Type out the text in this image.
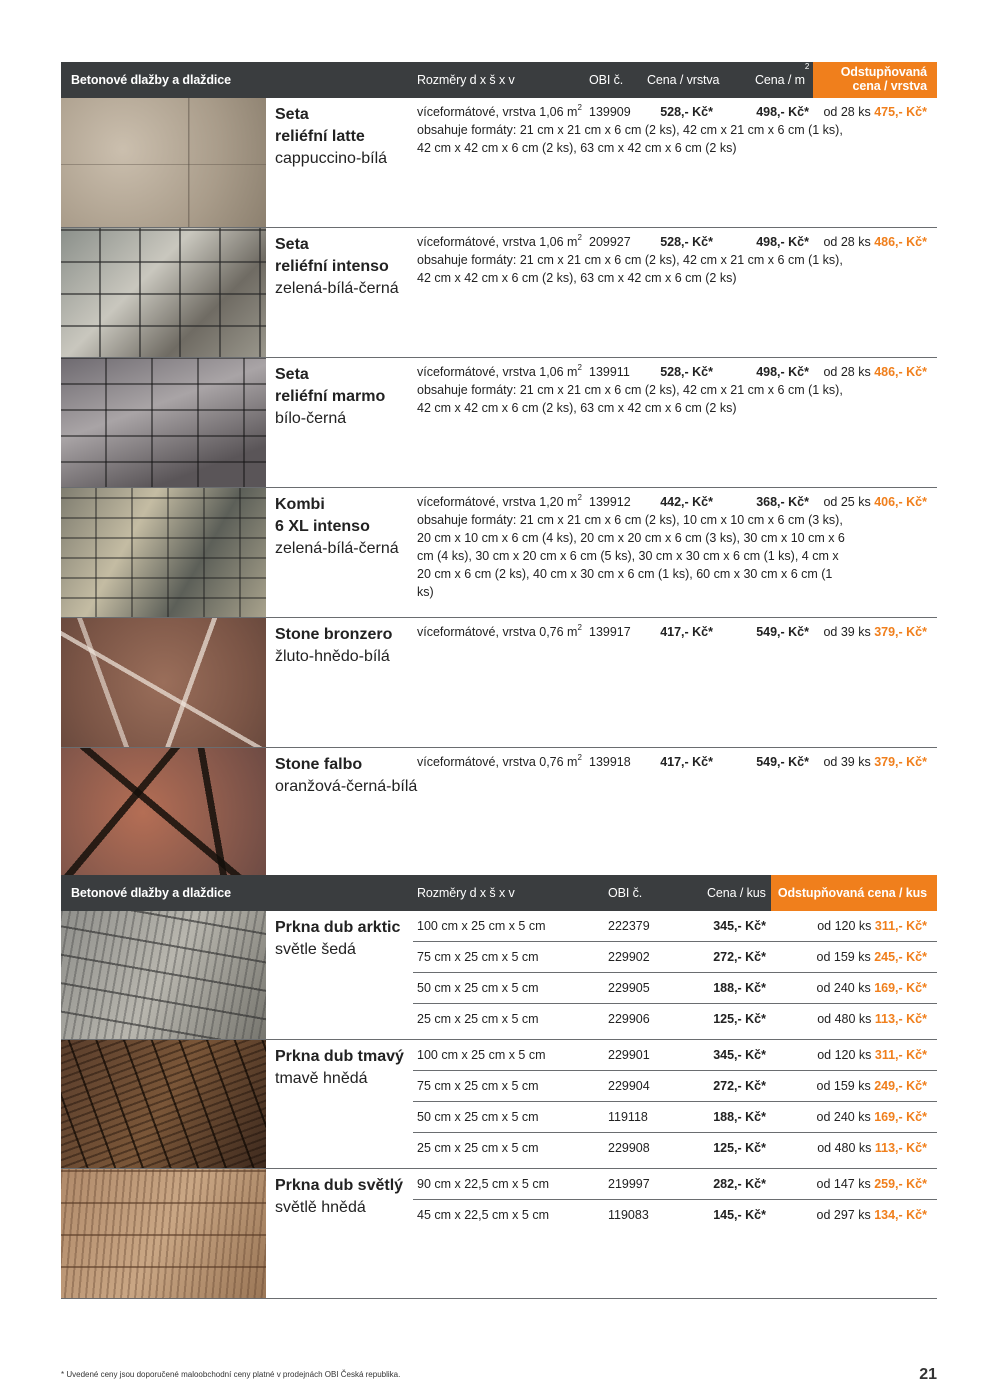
Betonové dlažby a dlaždice	Rozměry d x š x v	OBI č. Cena / vrstva	Cena / $m^2$	Odstupňovaná
cena / vrstva
Seta
reliéfní latte
cappuccino-bílá
víceformátové, vrstva 1,06 $m^2$
obsahuje formáty: 21 cm x 21 cm x 6 cm (2 ks), 42 cm x 21 cm x 6 cm (1 ks), 42 cm x 42 cm x 6 cm (2 ks), 63 cm x 42 cm x 6 cm (2 ks)
139909 528,- Kč*	498,- Kč* od 28 ks 475,- Kč*
Seta
reliéfní intenso
zelená-bílá-černá
víceformátové, vrstva 1,06 $m^2$
obsahuje formáty: 21 cm x 21 cm x 6 cm (2 ks), 42 cm x 21 cm x 6 cm (1 ks), 42 cm x 42 cm x 6 cm (2 ks), 63 cm x 42 cm x 6 cm (2 ks)
209927 528,- Kč*	498,- Kč* od 28 ks 486,- Kč*
Seta
reliéfní marmo
bílo-černá
víceformátové, vrstva 1,06 $m^2$
obsahuje formáty: 21 cm x 21 cm x 6 cm (2 ks), 42 cm x 21 cm x 6 cm (1 ks), 42 cm x 42 cm x 6 cm (2 ks), 63 cm x 42 cm x 6 cm (2 ks)
139911 528,- Kč*	498,- Kč* od 28 ks 486,- Kč*
Kombi
6 XL intenso
zelená-bílá-černá
víceformátové, vrstva 1,20 $m^2$
obsahuje formáty: 21 cm x 21 cm x 6 cm (2 ks), 10 cm x 10 cm x 6 cm (3 ks), 20 cm x 10 cm x 6 cm (4 ks), 20 cm x 20 cm x 6 cm (3 ks), 30 cm x 10 cm x 6 cm (4 ks), 30 cm x 20 cm x 6 cm (5 ks), 30 cm x 30 cm x 6 cm (1 ks), 4 cm x 20 cm x 6 cm (2 ks), 40 cm x 30 cm x 6 cm (1 ks), 60 cm x 30 cm x 6 cm (1 ks)
139912 442,- Kč*	368,- Kč* od 25 ks 406,- Kč*
Stone bronzero
žluto-hnědo-bílá
víceformátové, vrstva 0,76 $m^2$ 139917 417,- Kč*	549,- Kč* od 39 ks 379,- Kč*
Stone falbo
oranžová-černá-bílá
víceformátové, vrstva 0,76 $m^2$ 139918 417,- Kč*	549,- Kč* od 39 ks 379,- Kč*
Betonové dlažby a dlaždice	Rozměry d x š x v	OBI č.	Cena / kus Odstupňovaná cena / kus
Prkna dub arktic
světle šedá
100 cm x 25 cm x 5 cm	222379	345,- Kč*	od 120 ks 311,- Kč*
75 cm x 25 cm x 5 cm	229902	272,- Kč*	od 159 ks 245,- Kč*
50 cm x 25 cm x 5 cm	229905	188,- Kč*	od 240 ks 169,- Kč*
25 cm x 25 cm x 5 cm	229906	125,- Kč*	od 480 ks 113,- Kč*
Prkna dub tmavý
tmavě hnědá
100 cm x 25 cm x 5 cm	229901	345,- Kč*	od 120 ks 311,- Kč*
75 cm x 25 cm x 5 cm	229904	272,- Kč*	od 159 ks 249,- Kč*
50 cm x 25 cm x 5 cm	119118	188,- Kč*	od 240 ks 169,- Kč*
25 cm x 25 cm x 5 cm	229908	125,- Kč*	od 480 ks 113,- Kč*
Prkna dub světlý
světlě hnědá
90 cm x 22,5 cm x 5 cm	219997	282,- Kč*	od 147 ks 259,- Kč*
45 cm x 22,5 cm x 5 cm	119083	145,- Kč*	od 297 ks 134,- Kč*
* Uvedené ceny jsou doporučené maloobchodní ceny platné v prodejnách OBI Česká republika.	21
